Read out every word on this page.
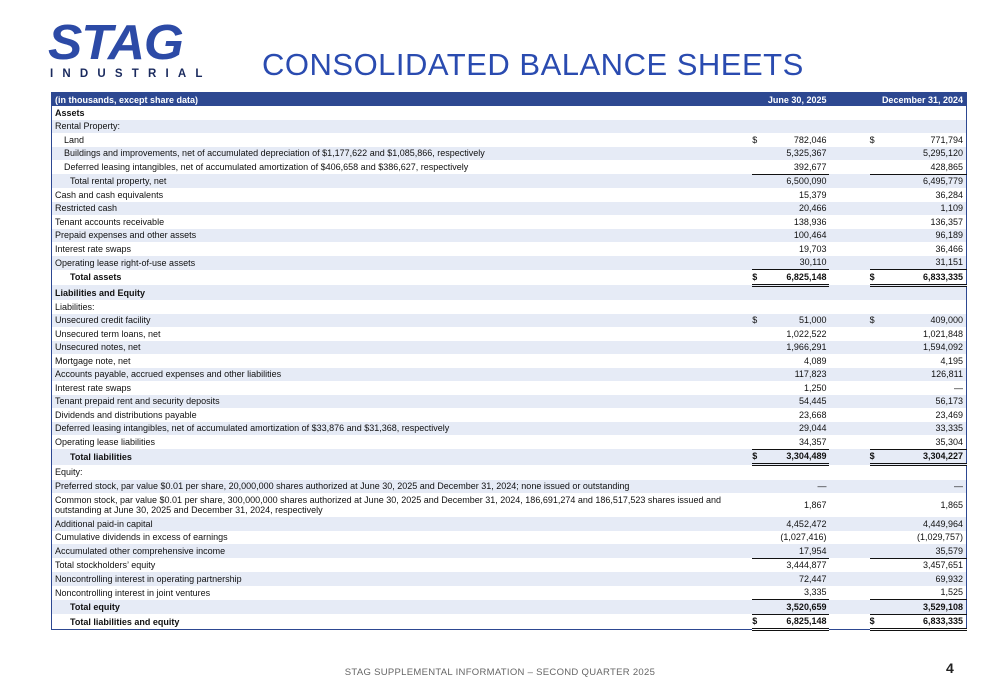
STAG
INDUSTRIAL CONSOLIDATED BALANCE SHEETS
(in thousands, except share data)		June 30, 2025			December 31, 2024
Assets					
Rental Property:					
Land	$	782,046		$	771,794
Buildings and improvements, net of accumulated depreciation of $1,177,622 and $1,085,866, respectively		5,325,367			5,295,120
Deferred leasing intangibles, net of accumulated amortization of $406,658 and $386,627, respectively		392,677			428,865
Total rental property, net		6,500,090			6,495,779
Cash and cash equivalents		15,379			36,284
Restricted cash		20,466			1,109
Tenant accounts receivable		138,936			136,357
Prepaid expenses and other assets		100,464			96,189
Interest rate swaps		19,703			36,466
Operating lease right-of-use assets		30,110			31,151
Total assets	$	6,825,148		$	6,833,335
Liabilities and Equity					
Liabilities:					
Unsecured credit facility	$	51,000		$	409,000
Unsecured term loans, net		1,022,522			1,021,848
Unsecured notes, net		1,966,291			1,594,092
Mortgage note, net		4,089			4,195
Accounts payable, accrued expenses and other liabilities		117,823			126,811
Interest rate swaps		1,250			—
Tenant prepaid rent and security deposits		54,445			56,173
Dividends and distributions payable		23,668			23,469
Deferred leasing intangibles, net of accumulated amortization of $33,876 and $31,368, respectively		29,044			33,335
Operating lease liabilities		34,357			35,304
Total liabilities	$	3,304,489		$	3,304,227
Equity:					
Preferred stock, par value $0.01 per share, 20,000,000 shares authorized at June 30, 2025 and December 31, 2024; none issued or outstanding		—			—
Common stock, par value $0.01 per share, 300,000,000 shares authorized at June 30, 2025 and December 31, 2024, 186,691,274 and 186,517,523 shares issued and outstanding at June 30, 2025 and December 31, 2024, respectively		1,867			1,865
Additional paid-in capital		4,452,472			4,449,964
Cumulative dividends in excess of earnings		(1,027,416)			(1,029,757)
Accumulated other comprehensive income		17,954			35,579
Total stockholders’ equity		3,444,877			3,457,651
Noncontrolling interest in operating partnership		72,447			69,932
Noncontrolling interest in joint ventures		3,335			1,525
Total equity		3,520,659			3,529,108
Total liabilities and equity	$	6,825,148		$	6,833,335
STAG SUPPLEMENTAL INFORMATION – SECOND QUARTER 2025	4
